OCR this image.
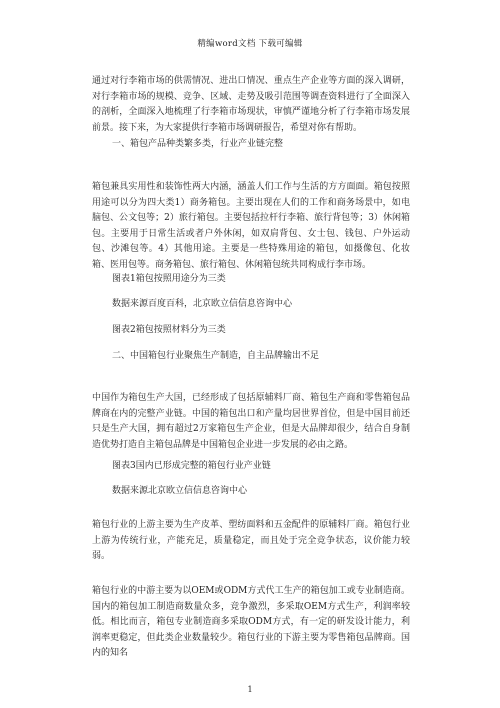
精编word文档 下载可编辑

通过对行李箱市场的供需情况、进出口情况、重点生产企业等方面的深入调研，对行李箱市场的规模、竞争、区域、走势及吸引范围等调查资料进行了全面深入的剖析，全面深入地梳理了行李箱市场现状，审慎严谨地分析了行李箱市场发展前景。接下来，为大家提供行李箱市场调研报告，希望对你有帮助。

一、箱包产品种类繁多类，行业产业链完整

箱包兼具实用性和装饰性两大内涵，涵盖人们工作与生活的方方面面。箱包按照用途可以分为四大类1）商务箱包。主要出现在人们的工作和商务场景中，如电脑包、公文包等；2）旅行箱包。主要包括拉杆行李箱、旅行背包等；3）休闲箱包。主要用于日常生活或者户外休闲，如双肩背包、女士包、钱包、户外运动包、沙滩包等。4）其他用途。主要是一些特殊用途的箱包，如摄像包、化妆箱、医用包等。商务箱包、旅行箱包、休闲箱包统共同构成行李市场。

图表1箱包按照用途分为三类

数据来源百度百科，北京欧立信信息咨询中心

图表2箱包按照材料分为三类

二、中国箱包行业聚焦生产制造，自主品牌输出不足

中国作为箱包生产大国，已经形成了包括原辅料厂商、箱包生产商和零售箱包品牌商在内的完整产业链。中国的箱包出口和产量均居世界首位，但是中国目前还只是生产大国，拥有超过2万家箱包生产企业，但是大品牌却很少，结合自身制造优势打造自主箱包品牌是中国箱包企业进一步发展的必由之路。

图表3国内已形成完整的箱包行业产业链

数据来源北京欧立信信息咨询中心

箱包行业的上游主要为生产皮革、塑纺面料和五金配件的原辅料厂商。箱包行业上游为传统行业，产能充足，质量稳定，而且处于完全竞争状态，议价能力较弱。

箱包行业的中游主要为以OEM或ODM方式代工生产的箱包加工或专业制造商。国内的箱包加工制造商数量众多，竞争激烈，多采取OEM方式生产，利润率较低。相比而言，箱包专业制造商多采取ODM方式，有一定的研发设计能力，利润率更稳定，但此类企业数量较少。箱包行业的下游主要为零售箱包品牌商。国内的知名

1
